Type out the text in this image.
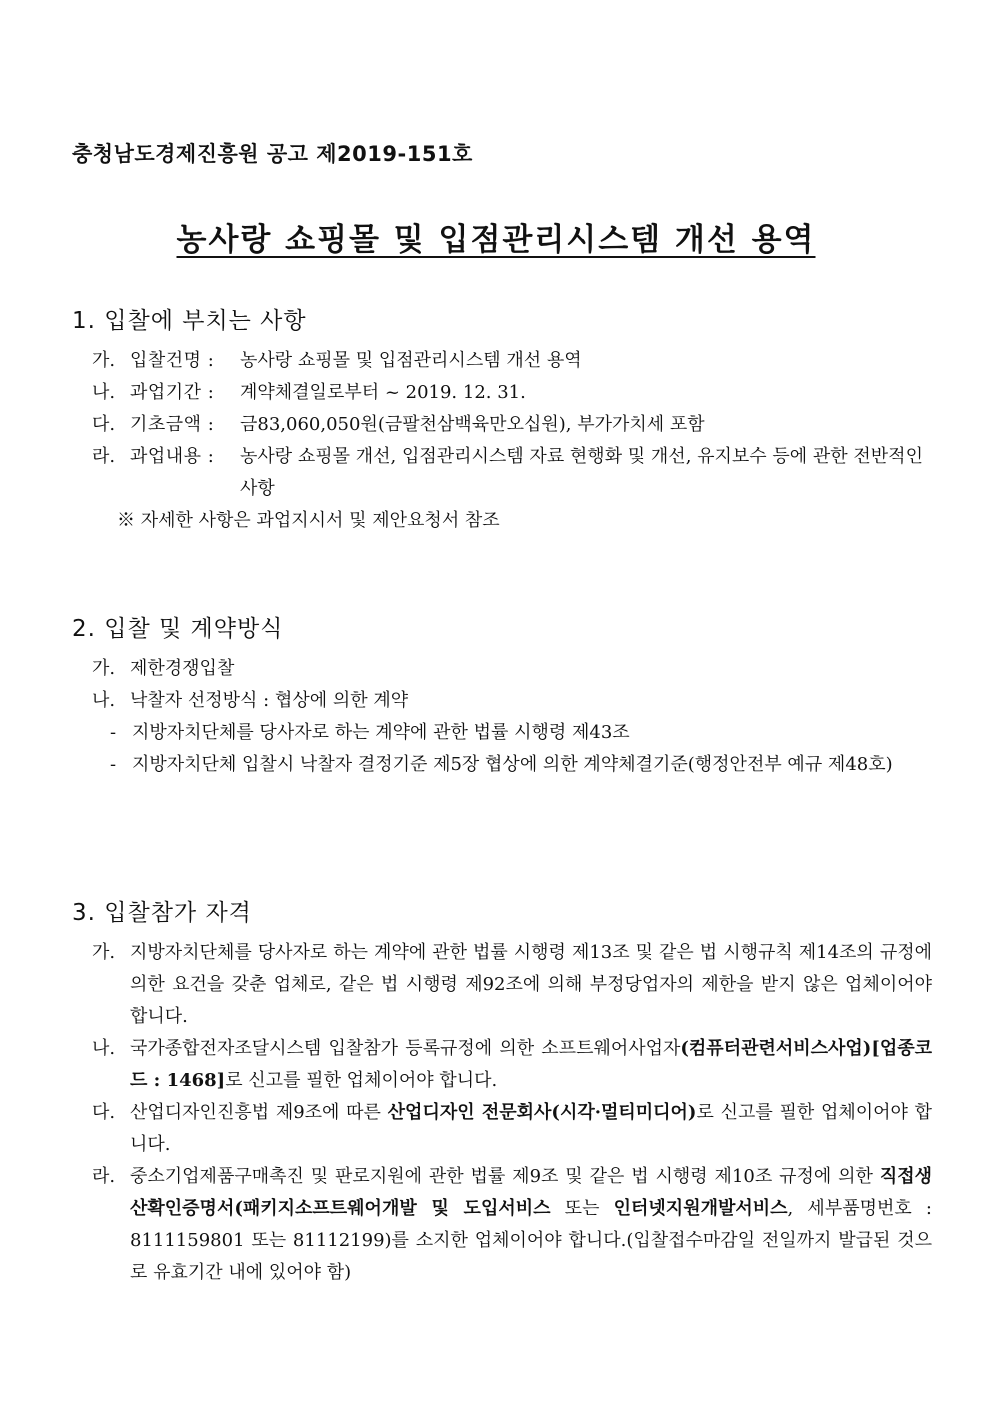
충청남도경제진흥원 공고 제2019-151호

농사랑 쇼핑몰 및 입점관리시스템 개선 용역
1. 입찰에 부치는 사항
가. 입찰건명 :	농사랑 쇼핑몰 및 입점관리시스템 개선 용역
나. 과업기간 :	계약체결일로부터 ~ 2019. 12. 31.
다. 기초금액 :	금83,060,050원(금팔천삼백육만오십원), 부가가치세 포함
라. 과업내용 :	농사랑 쇼핑몰 개선, 입점관리시스템 자료 현행화 및 개선, 유지보수 등에 관한 전반적인 사항

※ 자세한 사항은 과업지시서 및 제안요청서 참조

2. 입찰 및 계약방식
가. 제한경쟁입찰
나. 낙찰자 선정방식 : 협상에 의한 계약
- 지방자치단체를 당사자로 하는 계약에 관한 법률 시행령 제43조
- 지방자치단체 입찰시 낙찰자 결정기준 제5장 협상에 의한 계약체결기준(행정안전부 예규 제48호)
3. 입찰참가 자격
가. 지방자치단체를 당사자로 하는 계약에 관한 법률 시행령 제13조 및 같은 법 시행규칙 제14조의 규정에 의한 요건을 갖춘 업체로, 같은 법 시행령 제92조에 의해 부정당업자의 제한을 받지 않은 업체이어야 합니다.
나. 국가종합전자조달시스템 입찰참가 등록규정에 의한 소프트웨어사업자(컴퓨터관련서비스사업)[업종코드 : 1468]로 신고를 필한 업체이어야 합니다.
다. 산업디자인진흥법 제9조에 따른 산업디자인 전문회사(시각·멀티미디어)로 신고를 필한 업체이어야 합니다.
라. 중소기업제품구매촉진 및 판로지원에 관한 법률 제9조 및 같은 법 시행령 제10조 규정에 의한 직접생산확인증명서(패키지소프트웨어개발 및 도입서비스 또는 인터넷지원개발서비스, 세부품명번호 : 8111159801 또는 81112199)를 소지한 업체이어야 합니다.(입찰접수마감일 전일까지 발급된 것으로 유효기간 내에 있어야 함)
